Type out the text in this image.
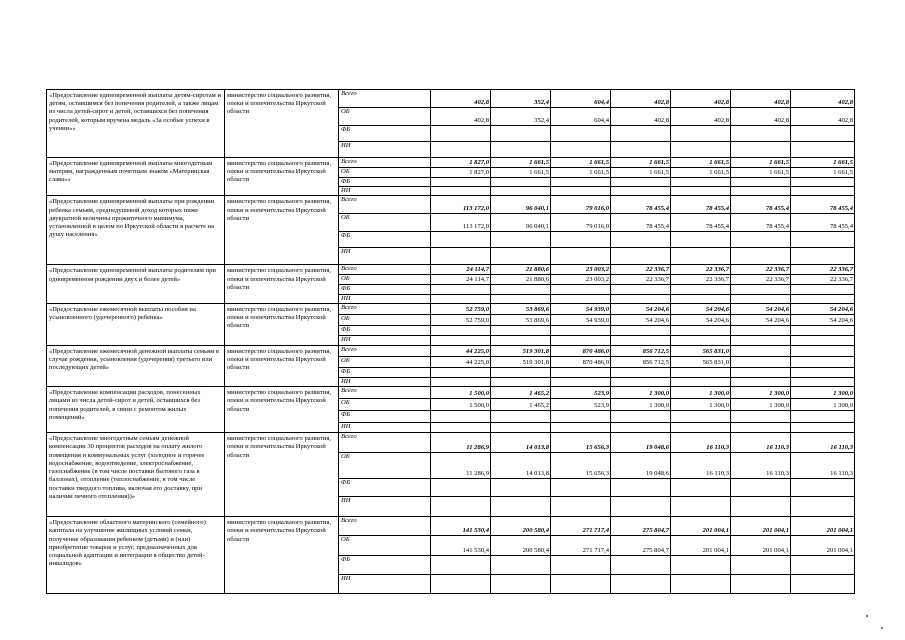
«Предоставление единовременной выплаты детям-сиротам и детям, оставшимся без попечения родителей, а также лицам из числа детей-сирот и детей, оставшихся без попечения родителей, которым вручена медаль «За особые успехи в учении»»	министерство социального развития, опеки и попечительства Иркутской области	Всего	402,8	352,4	604,4	402,8	402,8	402,8	402,8
		ОБ	402,8	352,4	604,4	402,8	402,8	402,8	402,8
		ФБ							
		ИИ							
«Предоставление единовременной выплаты многодетным матерям, награжденным почетным знаком «Материнская слава»»	министерство социального развития, опеки и попечительства Иркутской области	Всего	1 827,0	1 661,5	1 661,5	1 661,5	1 661,5	1 661,5	1 661,5
		ОБ	1 827,0	1 661,5	1 661,5	1 661,5	1 661,5	1 661,5	1 661,5
		ФБ							
		ИИ							
«Предоставление единовременной выплаты при рождении ребенка семьям, среднедушевой доход которых ниже двукратной величины прожиточного минимума, установленной в целом по Иркутской области в расчете на душу населения»	министерство социального развития, опеки и попечительства Иркутской области	Всего	113 172,0	96 040,1	79 016,0	78 455,4	78 455,4	78 455,4	78 455,4
		ОБ	113 172,0	96 040,1	79 016,0	78 455,4	78 455,4	78 455,4	78 455,4
		ФБ							
		ИИ							
«Предоставление единовременной выплаты родителям при одновременном рождении двух и более детей»	министерство социального развития, опеки и попечительства Иркутской области	Всего	24 114,7	21 880,6	23 003,2	22 336,7	22 336,7	22 336,7	22 336,7
		ОБ	24 114,7	21 880,6	23 003,2	22 336,7	22 336,7	22 336,7	22 336,7
		ФБ							
		ИИ							
«Предоставление ежемесячной выплаты пособия на усыновленного (удочеренного) ребенка»	министерство социального развития, опеки и попечительства Иркутской области	Всего	52 759,0	53 869,6	54 939,0	54 204,6	54 204,6	54 204,6	54 204,6
		ОБ	52 759,0	53 869,6	54 939,0	54 204,6	54 204,6	54 204,6	54 204,6
		ФБ							
		ИИ							
«Предоставление ежемесячной денежной выплаты семьям в случае рождения, усыновления (удочерения) третьего или последующих детей»	министерство социального развития, опеки и попечительства Иркутской области	Всего	44 225,0	519 301,8	870 486,0	856 712,5	565 831,0		
		ОБ	44 225,0	519 301,8	870 486,0	856 712,5	565 831,0		
		ФБ							
		ИИ							
«Предоставление компенсации расходов, понесенных лицами из числа детей-сирот и детей, оставшихся без попечения родителей, в связи с ремонтом жилых помещений»	министерство социального развития, опеки и попечительства Иркутской области	Всего	1 500,0	1 465,2	523,9	1 300,0	1 300,0	1 300,0	1 300,0
		ОБ	1 500,0	1 465,2	523,9	1 300,0	1 300,0	1 300,0	1 300,0
		ФБ							
		ИИ							
«Предоставление многодетным семьям денежной компенсации 30 процентов расходов на оплату жилого помещения и коммунальных услуг (холодное и горячее водоснабжение, водоотведение, электроснабжение, газоснабжение (в том числе поставки бытового газа в баллонах), отопление (теплоснабжение, в том числе поставки твердого топлива, включая его доставку, при наличии печного отопления))»	министерство социального развития, опеки и попечительства Иркутской области	Всего	11 286,9	14 013,8	15 656,3	19 048,6	16 110,3	16 110,3	16 110,3
		ОБ	11 286,9	14 013,8	15 656,3	19 048,6	16 110,3	16 110,3	16 110,3
		ФБ							
		ИИ							
«Предоставление областного материнского (семейного) капитала на улучшение жилищных условий семьи, получение образования ребенком (детьми) и (или) приобретение товаров и услуг, предназначенных для социальной адаптации и интеграции в общество детей-инвалидов»	министерство социального развития, опеки и попечительства Иркутской области	Всего	141 530,4	200 580,4	271 717,4	275 804,7	201 004,1	201 004,1	201 004,1
		ОБ	141 530,4	200 580,4	271 717,4	275 804,7	201 004,1	201 004,1	201 004,1
		ФБ							
		ИИ							
